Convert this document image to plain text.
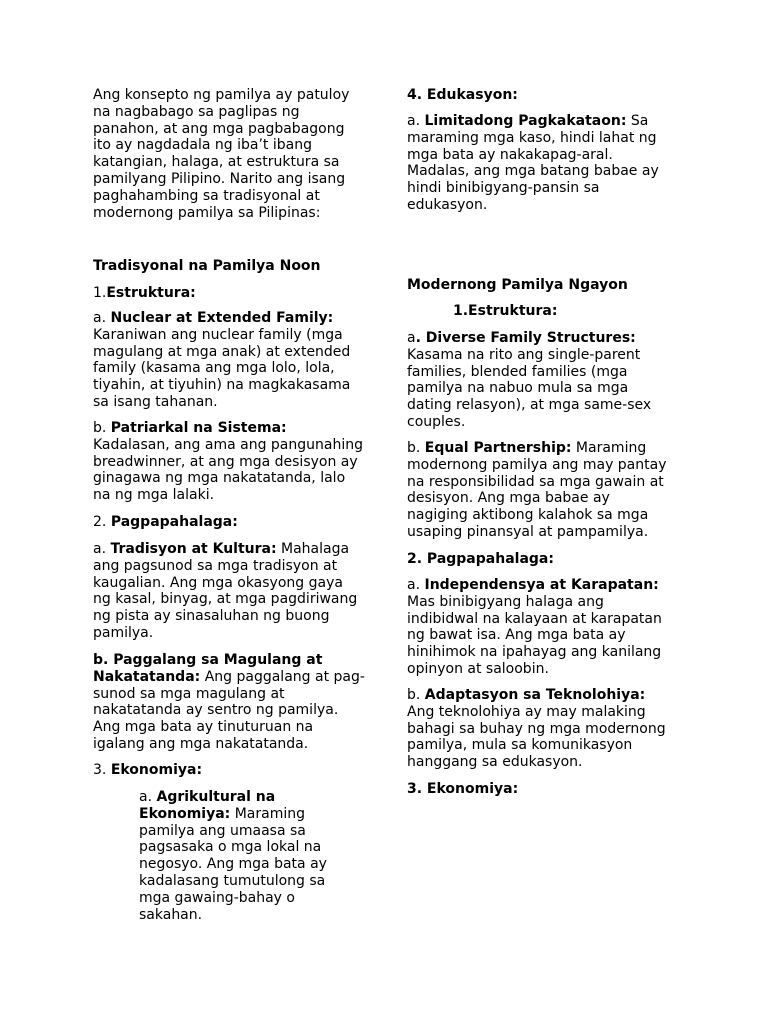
Ang konsepto ng pamilya ay patuloy na nagbabago sa paglipas ng panahon, at ang mga pagbabagong ito ay nagdadala ng iba’t ibang katangian, halaga, at estruktura sa pamilyang Pilipino. Narito ang isang paghahambing sa tradisyonal at modernong pamilya sa Pilipinas:

Tradisyonal na Pamilya Noon

1.Estruktura:

a. Nuclear at Extended Family: Karaniwan ang nuclear family (mga magulang at mga anak) at extended family (kasama ang mga lolo, lola, tiyahin, at tiyuhin) na magkakasama sa isang tahanan.

b. Patriarkal na Sistema: Kadalasan, ang ama ang pangunahing breadwinner, at ang mga desisyon ay ginagawa ng mga nakatatanda, lalo na ng mga lalaki.

2. Pagpapahalaga:

a. Tradisyon at Kultura: Mahalaga ang pagsunod sa mga tradisyon at kaugalian. Ang mga okasyong gaya ng kasal, binyag, at mga pagdiriwang ng pista ay sinasaluhan ng buong pamilya.

b. Paggalang sa Magulang at Nakatatanda: Ang paggalang at pag-sunod sa mga magulang at nakatatanda ay sentro ng pamilya. Ang mga bata ay tinuturuan na igalang ang mga nakatatanda.

3. Ekonomiya:

a. Agrikultural na Ekonomiya: Maraming pamilya ang umaasa sa pagsasaka o mga lokal na negosyo. Ang mga bata ay kadalasang tumutulong sa mga gawaing-bahay o sakahan.

4. Edukasyon:

a. Limitadong Pagkakataon: Sa maraming mga kaso, hindi lahat ng mga bata ay nakakapag-aral. Madalas, ang mga batang babae ay hindi binibigyang-pansin sa edukasyon.

Modernong Pamilya Ngayon

1.Estruktura:

a. Diverse Family Structures: Kasama na rito ang single-parent families, blended families (mga pamilya na nabuo mula sa mga dating relasyon), at mga same-sex couples.

b. Equal Partnership: Maraming modernong pamilya ang may pantay na responsibilidad sa mga gawain at desisyon. Ang mga babae ay nagiging aktibong kalahok sa mga usaping pinansyal at pampamilya.

2. Pagpapahalaga:

a. Independensya at Karapatan: Mas binibigyang halaga ang indibidwal na kalayaan at karapatan ng bawat isa. Ang mga bata ay hinihimok na ipahayag ang kanilang opinyon at saloobin.

b. Adaptasyon sa Teknolohiya: Ang teknolohiya ay may malaking bahagi sa buhay ng mga modernong pamilya, mula sa komunikasyon hanggang sa edukasyon.

3. Ekonomiya:
